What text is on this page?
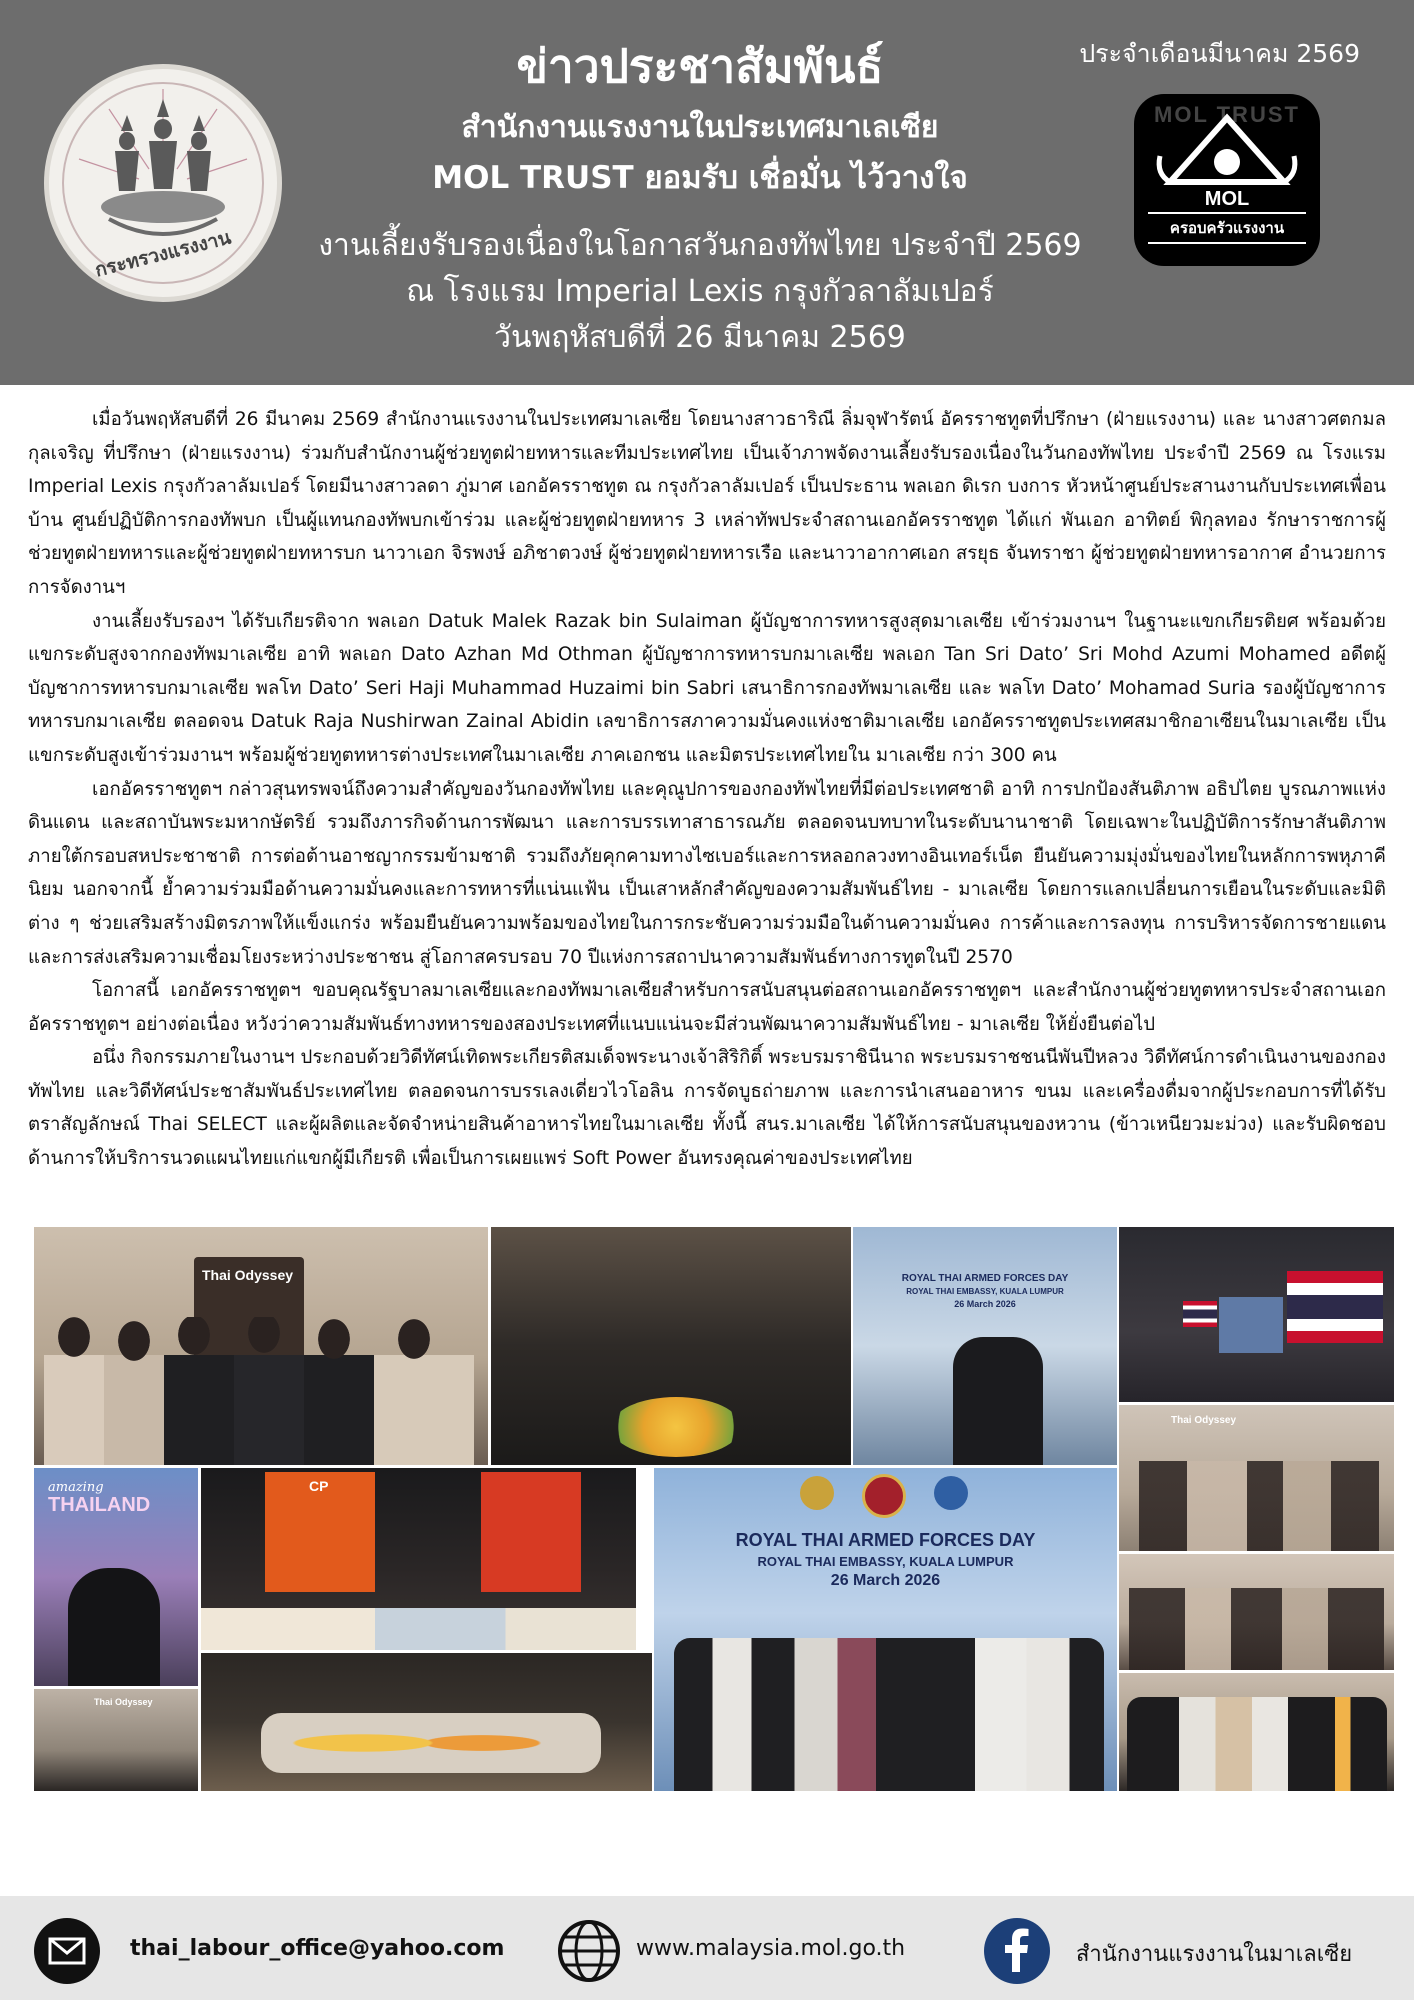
กระทรวงแรงงาน
ประจำเดือนมีนาคม 2569
ข่าวประชาสัมพันธ์
สำนักงานแรงงานในประเทศมาเลเซีย
MOL TRUST ยอมรับ เชื่อมั่น ไว้วางใจ
งานเลี้ยงรับรองเนื่องในโอกาสวันกองทัพไทย ประจำปี 2569
ณ โรงแรม Imperial Lexis กรุงกัวลาลัมเปอร์
วันพฤหัสบดีที่ 26 มีนาคม 2569
MOL TRUST
MOL
ครอบครัวแรงงาน

เมื่อวันพฤหัสบดีที่ 26 มีนาคม 2569 สำนักงานแรงงานในประเทศมาเลเซีย โดยนางสาวธาริณี ลิ่มจุฬารัตน์ อัครราชทูตที่ปรึกษา (ฝ่ายแรงงาน) และ นางสาวศตกมล กุลเจริญ ที่ปรึกษา (ฝ่ายแรงงาน) ร่วมกับสำนักงานผู้ช่วยทูตฝ่ายทหารและทีมประเทศไทย เป็นเจ้าภาพจัดงานเลี้ยงรับรองเนื่องในวันกองทัพไทย ประจำปี 2569 ณ โรงแรม Imperial Lexis กรุงกัวลาลัมเปอร์ โดยมีนางสาวลดา ภู่มาศ เอกอัครราชทูต ณ กรุงกัวลาลัมเปอร์ เป็นประธาน พลเอก ดิเรก บงการ หัวหน้าศูนย์ประสานงานกับประเทศเพื่อนบ้าน ศูนย์ปฏิบัติการกองทัพบก เป็นผู้แทนกองทัพบกเข้าร่วม และผู้ช่วยทูตฝ่ายทหาร 3 เหล่าทัพประจำสถานเอกอัครราชทูต ได้แก่ พันเอก อาทิตย์ พิกุลทอง รักษาราชการผู้ช่วยทูตฝ่ายทหารและผู้ช่วยทูตฝ่ายทหารบก นาวาเอก จิรพงษ์ อภิชาตวงษ์ ผู้ช่วยทูตฝ่ายทหารเรือ และนาวาอากาศเอก สรยุธ จันทราชา ผู้ช่วยทูตฝ่ายทหารอากาศ อำนวยการการจัดงานฯ

งานเลี้ยงรับรองฯ ได้รับเกียรติจาก พลเอก Datuk Malek Razak bin Sulaiman ผู้บัญชาการทหารสูงสุดมาเลเซีย เข้าร่วมงานฯ ในฐานะแขกเกียรติยศ พร้อมด้วยแขกระดับสูงจากกองทัพมาเลเซีย อาทิ พลเอก Dato Azhan Md Othman ผู้บัญชาการทหารบกมาเลเซีย พลเอก Tan Sri Dato’ Sri Mohd Azumi Mohamed อดีตผู้บัญชาการทหารบกมาเลเซีย พลโท Dato’ Seri Haji Muhammad Huzaimi bin Sabri เสนาธิการกองทัพมาเลเซีย และ พลโท Dato’ Mohamad Suria รองผู้บัญชาการทหารบกมาเลเซีย ตลอดจน Datuk Raja Nushirwan Zainal Abidin เลขาธิการสภาความมั่นคงแห่งชาติมาเลเซีย เอกอัครราชทูตประเทศสมาชิกอาเซียนในมาเลเซีย เป็นแขกระดับสูงเข้าร่วมงานฯ พร้อมผู้ช่วยทูตทหารต่างประเทศในมาเลเซีย ภาคเอกชน และมิตรประเทศไทยใน มาเลเซีย กว่า 300 คน

เอกอัครราชทูตฯ กล่าวสุนทรพจน์ถึงความสำคัญของวันกองทัพไทย และคุณูปการของกองทัพไทยที่มีต่อประเทศชาติ อาทิ การปกป้องสันติภาพ อธิปไตย บูรณภาพแห่งดินแดน และสถาบันพระมหากษัตริย์ รวมถึงภารกิจด้านการพัฒนา และการบรรเทาสาธารณภัย ตลอดจนบทบาทในระดับนานาชาติ โดยเฉพาะในปฏิบัติการรักษาสันติภาพภายใต้กรอบสหประชาชาติ การต่อต้านอาชญากรรมข้ามชาติ รวมถึงภัยคุกคามทางไซเบอร์และการหลอกลวงทางอินเทอร์เน็ต ยืนยันความมุ่งมั่นของไทยในหลักการพหุภาคีนิยม นอกจากนี้ ย้ำความร่วมมือด้านความมั่นคงและการทหารที่แน่นแฟ้น เป็นเสาหลักสำคัญของความสัมพันธ์ไทย - มาเลเซีย โดยการแลกเปลี่ยนการเยือนในระดับและมิติต่าง ๆ ช่วยเสริมสร้างมิตรภาพให้แข็งแกร่ง พร้อมยืนยันความพร้อมของไทยในการกระชับความร่วมมือในด้านความมั่นคง การค้าและการลงทุน การบริหารจัดการชายแดน และการส่งเสริมความเชื่อมโยงระหว่างประชาชน สู่โอกาสครบรอบ 70 ปีแห่งการสถาปนาความสัมพันธ์ทางการทูตในปี 2570

โอกาสนี้ เอกอัครราชทูตฯ ขอบคุณรัฐบาลมาเลเซียและกองทัพมาเลเซียสำหรับการสนับสนุนต่อสถานเอกอัครราชทูตฯ และสำนักงานผู้ช่วยทูตทหารประจำสถานเอกอัครราชทูตฯ อย่างต่อเนื่อง หวังว่าความสัมพันธ์ทางทหารของสองประเทศที่แนบแน่นจะมีส่วนพัฒนาความสัมพันธ์ไทย - มาเลเซีย ให้ยั่งยืนต่อไป

อนึ่ง กิจกรรมภายในงานฯ ประกอบด้วยวิดีทัศน์เทิดพระเกียรติสมเด็จพระนางเจ้าสิริกิติ์ พระบรมราชินีนาถ พระบรมราชชนนีพันปีหลวง วิดีทัศน์การดำเนินงานของกองทัพไทย และวิดีทัศน์ประชาสัมพันธ์ประเทศไทย ตลอดจนการบรรเลงเดี่ยวไวโอลิน การจัดบูธถ่ายภาพ และการนำเสนออาหาร ขนม และเครื่องดื่มจากผู้ประกอบการที่ได้รับตราสัญลักษณ์ Thai SELECT และผู้ผลิตและจัดจำหน่ายสินค้าอาหารไทยในมาเลเซีย ทั้งนี้ สนร.มาเลเซีย ได้ให้การสนับสนุนของหวาน (ข้าวเหนียวมะม่วง) และรับผิดชอบด้านการให้บริการนวดแผนไทยแก่แขกผู้มีเกียรติ เพื่อเป็นการเผยแพร่ Soft Power อันทรงคุณค่าของประเทศไทย

Thai Odyssey	ROYAL THAI ARMED FORCES DAY
ROYAL THAI EMBASSY, KUALA LUMPUR
26 March 2026
Thai Odyssey
amazing
THAILAND
CP
ROYAL THAI ARMED FORCES DAY
ROYAL THAI EMBASSY, KUALA LUMPUR
26 March 2026
Thai Odyssey
thai_labour_office@yahoo.com	www.malaysia.mol.go.th	สำนักงานแรงงานในมาเลเซีย
